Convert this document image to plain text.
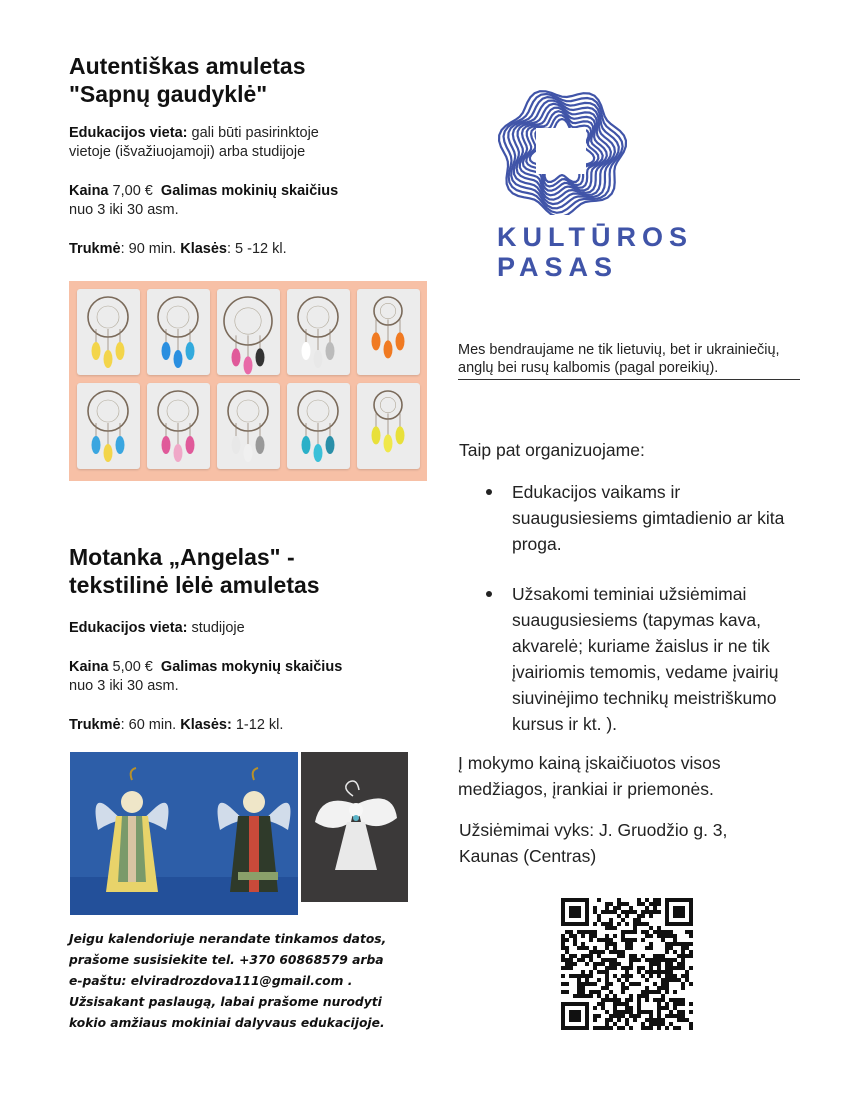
Autentiškas amuletas
"Sapnų gaudyklė"
Edukacijos vieta: gali būti pasirinktoje
vietoje (išvažiuojamoji) arba studijoje
Kaina 7,00 € Galimas mokinių skaičius
nuo 3 iki 30 asm.
Trukmė: 90 min. Klasės: 5 -12 kl.
Motanka „Angelas" -
tekstilinė lėlė amuletas
Edukacijos vieta: studijoje
Kaina 5,00 € Galimas mokynių skaičius
nuo 3 iki 30 asm.
Trukmė: 60 min. Klasės: 1-12 kl.
Jeigu kalendoriuje nerandate tinkamos datos,
prašome susisiekite tel. +370 60868579 arba
e-paštu: elviradrozdova111@gmail.com .
Užsisakant paslaugą, labai prašome nurodyti
kokio amžiaus mokiniai dalyvaus edukacijoje.
KULTŪROS
PASAS
Mes bendraujame ne tik lietuvių, bet ir ukrainiečių, anglų bei rusų kalbomis (pagal poreikių).
Taip pat organizuojame:
Edukacijos vaikams ir suaugusiesiems gimtadienio ar kita proga.
Užsakomi teminiai užsiėmimai suaugusiesiems (tapymas kava, akvarelė; kuriame žaislus ir ne tik įvairiomis temomis, vedame įvairių siuvinėjimo technikų meistriškumo kursus ir kt. ).
Į mokymo kainą įskaičiuotos visos
medžiagos, įrankiai ir priemonės.
Užsiėmimai vyks: J. Gruodžio g. 3,
Kaunas (Centras)
